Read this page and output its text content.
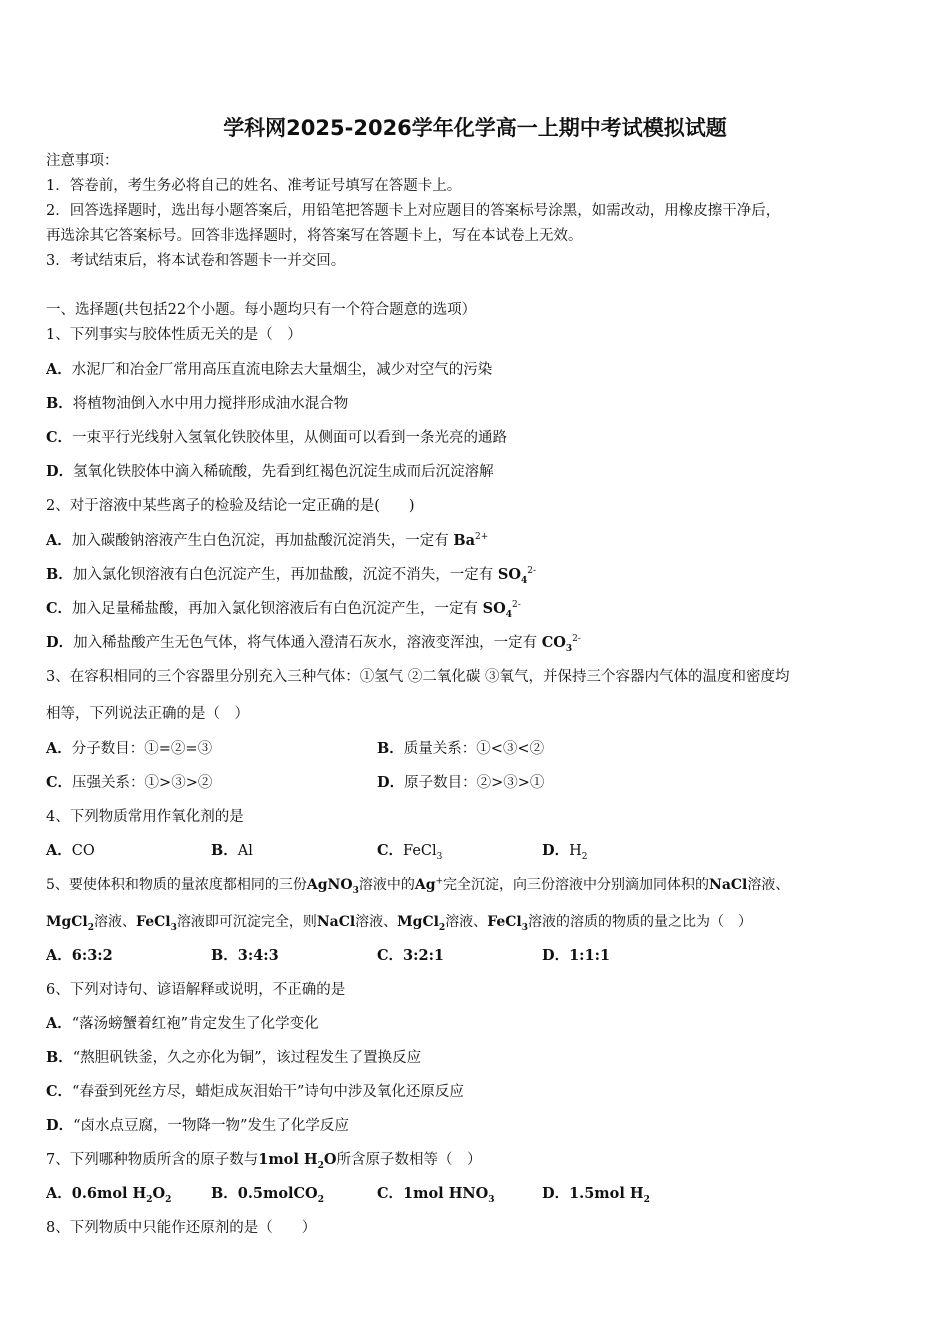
学科网2025-2026学年化学高一上期中考试模拟试题
注意事项：
1．答卷前，考生务必将自己的姓名、准考证号填写在答题卡上。
2．回答选择题时，选出每小题答案后，用铅笔把答题卡上对应题目的答案标号涂黑，如需改动，用橡皮擦干净后，
再选涂其它答案标号。回答非选择题时，将答案写在答题卡上，写在本试卷上无效。
3．考试结束后，将本试卷和答题卡一并交回。
一、选择题(共包括22个小题。每小题均只有一个符合题意的选项）
1、下列事实与胶体性质无关的是（　）
A．水泥厂和冶金厂常用高压直流电除去大量烟尘，减少对空气的污染
B．将植物油倒入水中用力搅拌形成油水混合物
C．一束平行光线射入氢氧化铁胶体里，从侧面可以看到一条光亮的通路
D．氢氧化铁胶体中滴入稀硫酸，先看到红褐色沉淀生成而后沉淀溶解
2、对于溶液中某些离子的检验及结论一定正确的是(　　)
A．加入碳酸钠溶液产生白色沉淀，再加盐酸沉淀消失，一定有 $Ba^{2+}$
B．加入氯化钡溶液有白色沉淀产生，再加盐酸，沉淀不消失，一定有 $SO_4^{2-}$
C．加入足量稀盐酸，再加入氯化钡溶液后有白色沉淀产生，一定有 $SO_4^{2-}$
D．加入稀盐酸产生无色气体，将气体通入澄清石灰水，溶液变浑浊，一定有 $CO_3^{2-}$
3、在容积相同的三个容器里分别充入三种气体：①氢气 ②二氧化碳 ③氧气，并保持三个容器内气体的温度和密度均
相等，下列说法正确的是（　）
A．分子数目：①=②=③	B．质量关系：①<③<②
C．压强关系：①>③>②	D．原子数目：②>③>①
4、下列物质常用作氧化剂的是
A．CO	B．Al	C．FeCl$_3$	D．$H_2$
5、要使体积和物质的量浓度都相同的三份AgNO$_3$溶液中的Ag+完全沉淀，向三份溶液中分别滴加同体积的NaCl溶液、
MgCl$_2$溶液、FeCl$_3$溶液即可沉淀完全，则NaCl溶液、MgCl$_2$溶液、FeCl$_3$溶液的溶质的物质的量之比为（　）
A．6:3:2	B．3:4:3	C．3:2:1	D．1:1:1
6、下列对诗句、谚语解释或说明，不正确的是
A．“落汤螃蟹着红袍”肯定发生了化学变化
B．“熬胆矾铁釜，久之亦化为铜”，该过程发生了置换反应
C．“春蚕到死丝方尽，蜡炬成灰泪始干”诗句中涉及氧化还原反应
D．“卤水点豆腐，一物降一物”发生了化学反应
7、下列哪种物质所含的原子数与1mol $H_2O$所含原子数相等（　）
A．0.6mol $H_2O_2$	B．0.5molCO$_2$	C．1mol $HNO_3$	D．1.5mol $H_2$
8、下列物质中只能作还原剂的是（　　）
